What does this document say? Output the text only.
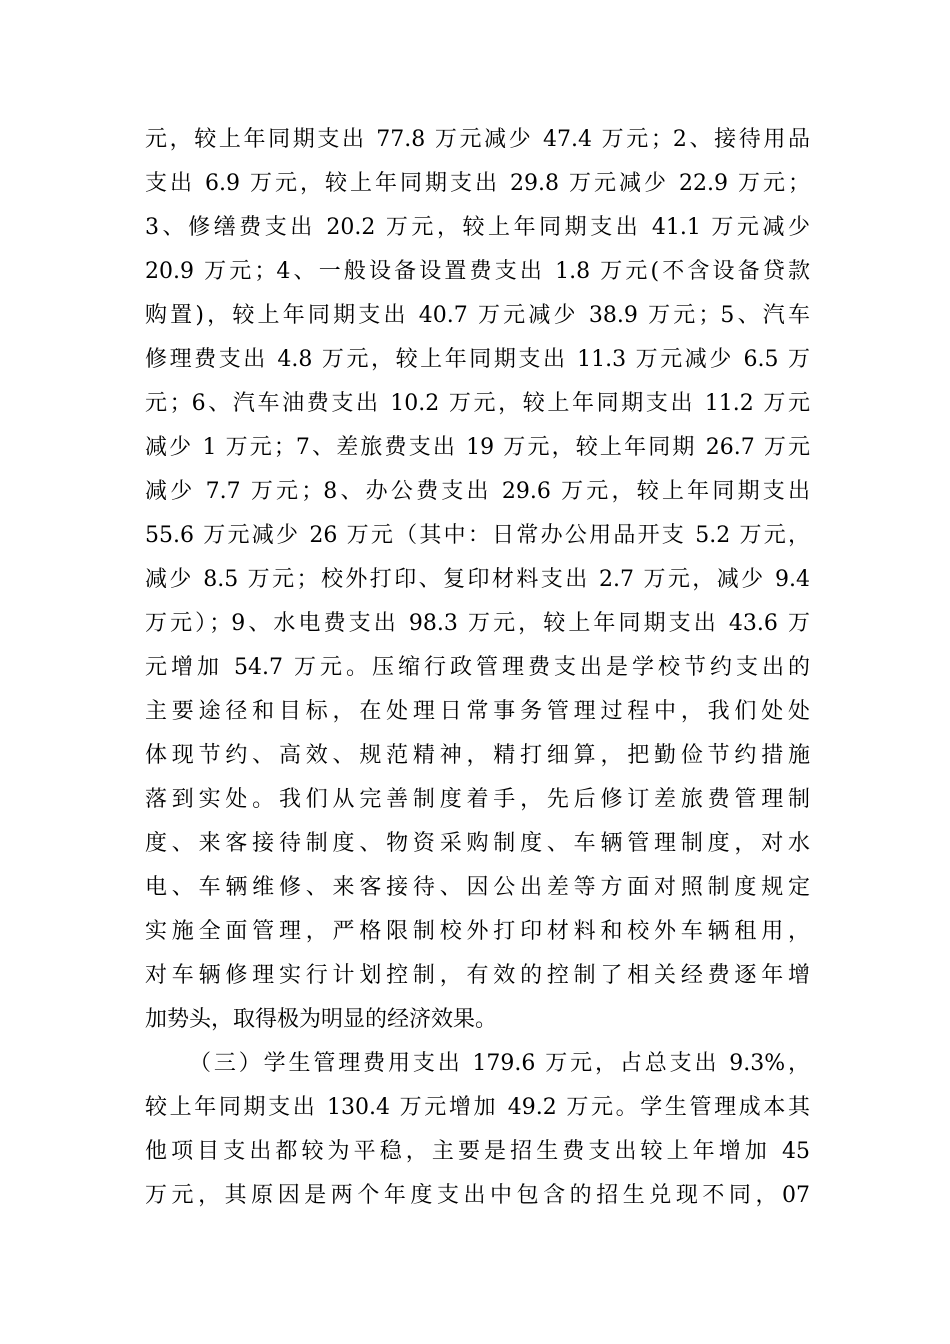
元，较上年同期支出 77.8 万元减少 47.4 万元；2、接待用品
支出 6.9 万元，较上年同期支出 29.8 万元减少 22.9 万元；
3、修缮费支出 20.2 万元，较上年同期支出 41.1 万元减少
20.9 万元；4、一般设备设置费支出 1.8 万元(不含设备贷款
购置)，较上年同期支出 40.7 万元减少 38.9 万元；5、汽车
修理费支出 4.8 万元，较上年同期支出 11.3 万元减少 6.5 万
元；6、汽车油费支出 10.2 万元，较上年同期支出 11.2 万元
减少 1 万元；7、差旅费支出 19 万元，较上年同期 26.7 万元
减少 7.7 万元；8、办公费支出 29.6 万元，较上年同期支出
55.6 万元减少 26 万元（其中：日常办公用品开支 5.2 万元，
减少 8.5 万元；校外打印、复印材料支出 2.7 万元，减少 9.4
万元）；9、水电费支出 98.3 万元，较上年同期支出 43.6 万
元增加 54.7 万元。压缩行政管理费支出是学校节约支出的
主要途径和目标，在处理日常事务管理过程中，我们处处
体现节约、高效、规范精神，精打细算，把勤俭节约措施
落到实处。我们从完善制度着手，先后修订差旅费管理制
度、来客接待制度、物资采购制度、车辆管理制度，对水
电、车辆维修、来客接待、因公出差等方面对照制度规定
实施全面管理，严格限制校外打印材料和校外车辆租用，
对车辆修理实行计划控制，有效的控制了相关经费逐年增
加势头，取得极为明显的经济效果。
（三）学生管理费用支出 179.6 万元，占总支出 9.3%，
较上年同期支出 130.4 万元增加 49.2 万元。学生管理成本其
他项目支出都较为平稳，主要是招生费支出较上年增加 45
万元，其原因是两个年度支出中包含的招生兑现不同，07
